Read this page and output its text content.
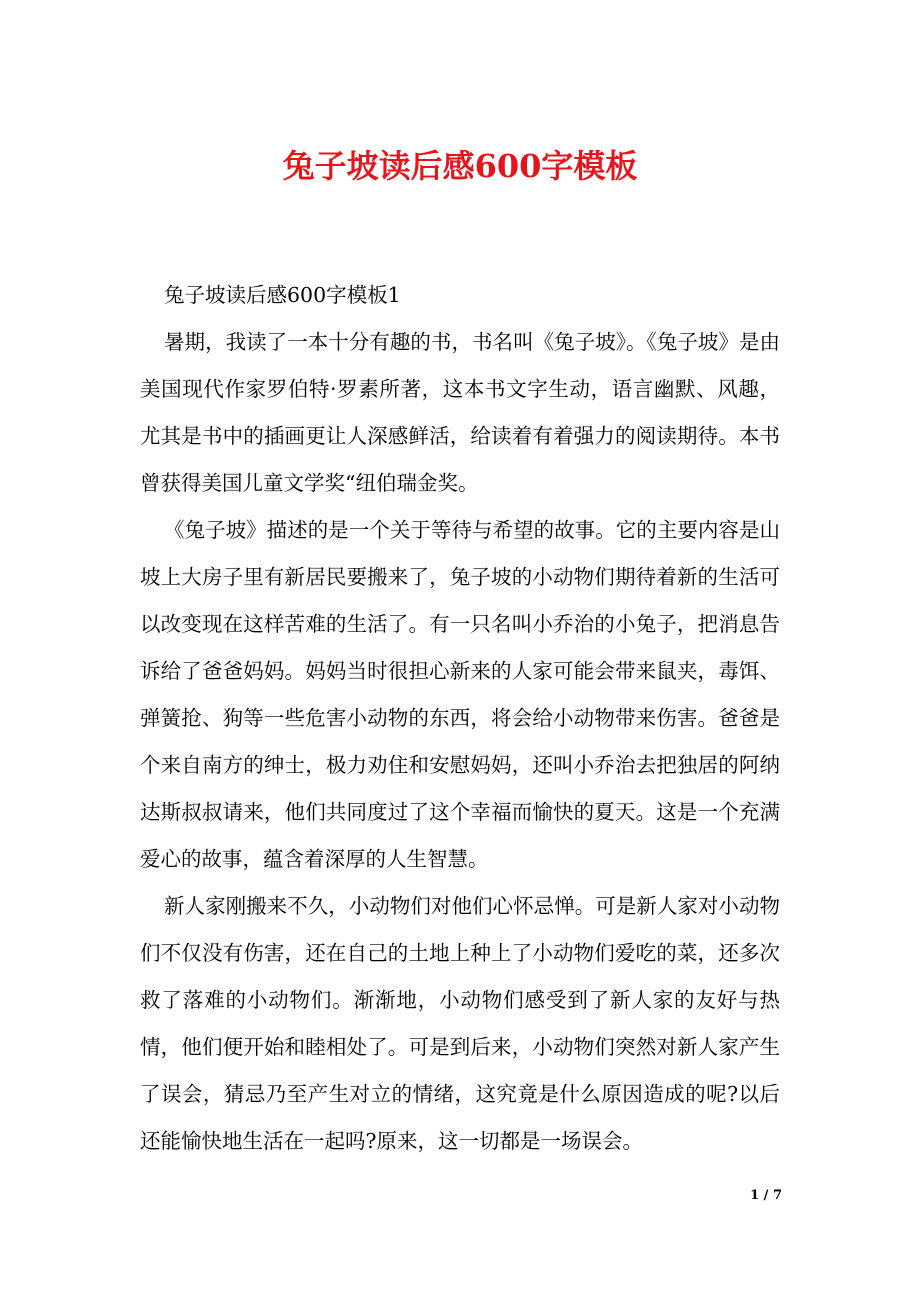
兔子坡读后感600字模板

兔子坡读后感600字模板1

暑期，我读了一本十分有趣的书，书名叫《兔子坡》。《兔子坡》是由美国现代作家罗伯特·罗素所著，这本书文字生动，语言幽默、风趣，尤其是书中的插画更让人深感鲜活，给读着有着强力的阅读期待。本书曾获得美国儿童文学奖“纽伯瑞金奖。

《兔子坡》描述的是一个关于等待与希望的故事。它的主要内容是山坡上大房子里有新居民要搬来了，兔子坡的小动物们期待着新的生活可以改变现在这样苦难的生活了。有一只名叫小乔治的小兔子，把消息告诉给了爸爸妈妈。妈妈当时很担心新来的人家可能会带来鼠夹，毒饵、弹簧抢、狗等一些危害小动物的东西，将会给小动物带来伤害。爸爸是个来自南方的绅士，极力劝住和安慰妈妈，还叫小乔治去把独居的阿纳达斯叔叔请来，他们共同度过了这个幸福而愉快的夏天。这是一个充满爱心的故事，蕴含着深厚的人生智慧。

新人家刚搬来不久，小动物们对他们心怀忌惮。可是新人家对小动物们不仅没有伤害，还在自己的土地上种上了小动物们爱吃的菜，还多次救了落难的小动物们。渐渐地，小动物们感受到了新人家的友好与热情，他们便开始和睦相处了。可是到后来，小动物们突然对新人家产生了误会，猜忌乃至产生对立的情绪，这究竟是什么原因造成的呢?以后还能愉快地生活在一起吗?原来，这一切都是一场误会。

1 / 7
